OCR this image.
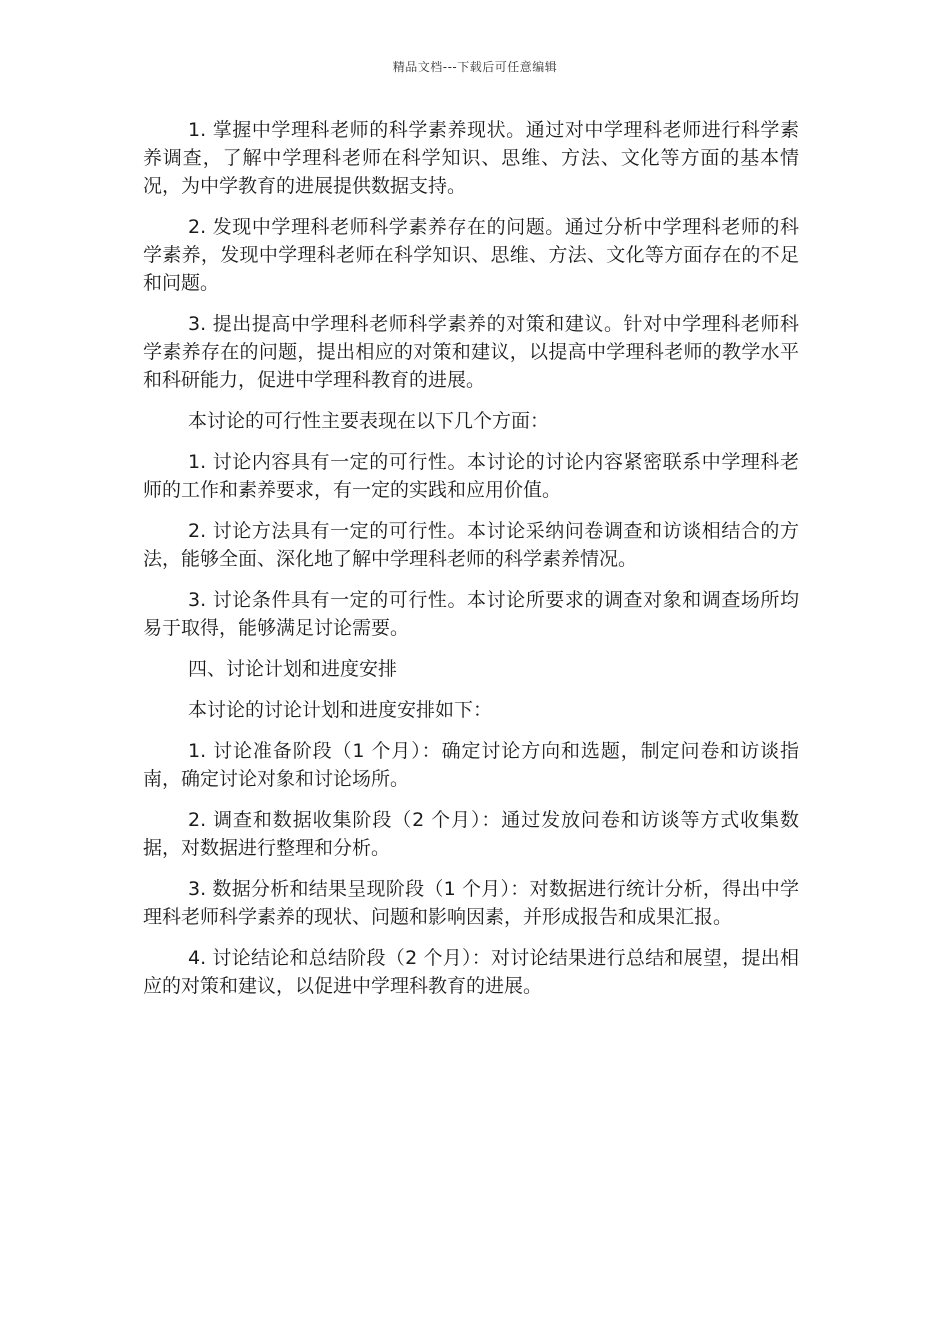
精品文档---下载后可任意编辑

1. 掌握中学理科老师的科学素养现状。通过对中学理科老师进行科学素养调查，了解中学理科老师在科学知识、思维、方法、文化等方面的基本情况，为中学教育的进展提供数据支持。

2. 发现中学理科老师科学素养存在的问题。通过分析中学理科老师的科学素养，发现中学理科老师在科学知识、思维、方法、文化等方面存在的不足和问题。

3. 提出提高中学理科老师科学素养的对策和建议。针对中学理科老师科学素养存在的问题，提出相应的对策和建议，以提高中学理科老师的教学水平和科研能力，促进中学理科教育的进展。

本讨论的可行性主要表现在以下几个方面：

1. 讨论内容具有一定的可行性。本讨论的讨论内容紧密联系中学理科老师的工作和素养要求，有一定的实践和应用价值。

2. 讨论方法具有一定的可行性。本讨论采纳问卷调查和访谈相结合的方法，能够全面、深化地了解中学理科老师的科学素养情况。

3. 讨论条件具有一定的可行性。本讨论所要求的调查对象和调查场所均易于取得，能够满足讨论需要。

四、讨论计划和进度安排

本讨论的讨论计划和进度安排如下：

1. 讨论准备阶段（1 个月）：确定讨论方向和选题，制定问卷和访谈指南，确定讨论对象和讨论场所。

2. 调查和数据收集阶段（2 个月）：通过发放问卷和访谈等方式收集数据，对数据进行整理和分析。

3. 数据分析和结果呈现阶段（1 个月）：对数据进行统计分析，得出中学理科老师科学素养的现状、问题和影响因素，并形成报告和成果汇报。

4. 讨论结论和总结阶段（2 个月）：对讨论结果进行总结和展望，提出相应的对策和建议，以促进中学理科教育的进展。
